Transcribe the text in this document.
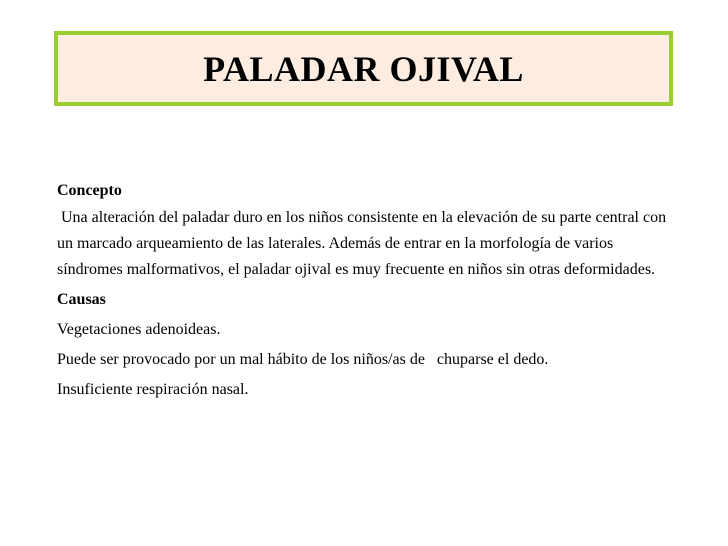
PALADAR OJIVAL

Concepto

Una alteración del paladar duro en los niños consistente en la elevación de su parte central con un marcado arqueamiento de las laterales. Además de entrar en la morfología de varios síndromes malformativos, el paladar ojival es muy frecuente en niños sin otras deformidades.

Causas

Vegetaciones adenoideas.

Puede ser provocado por un mal hábito de los niños/as de   chuparse el dedo.

Insuficiente respiración nasal.
